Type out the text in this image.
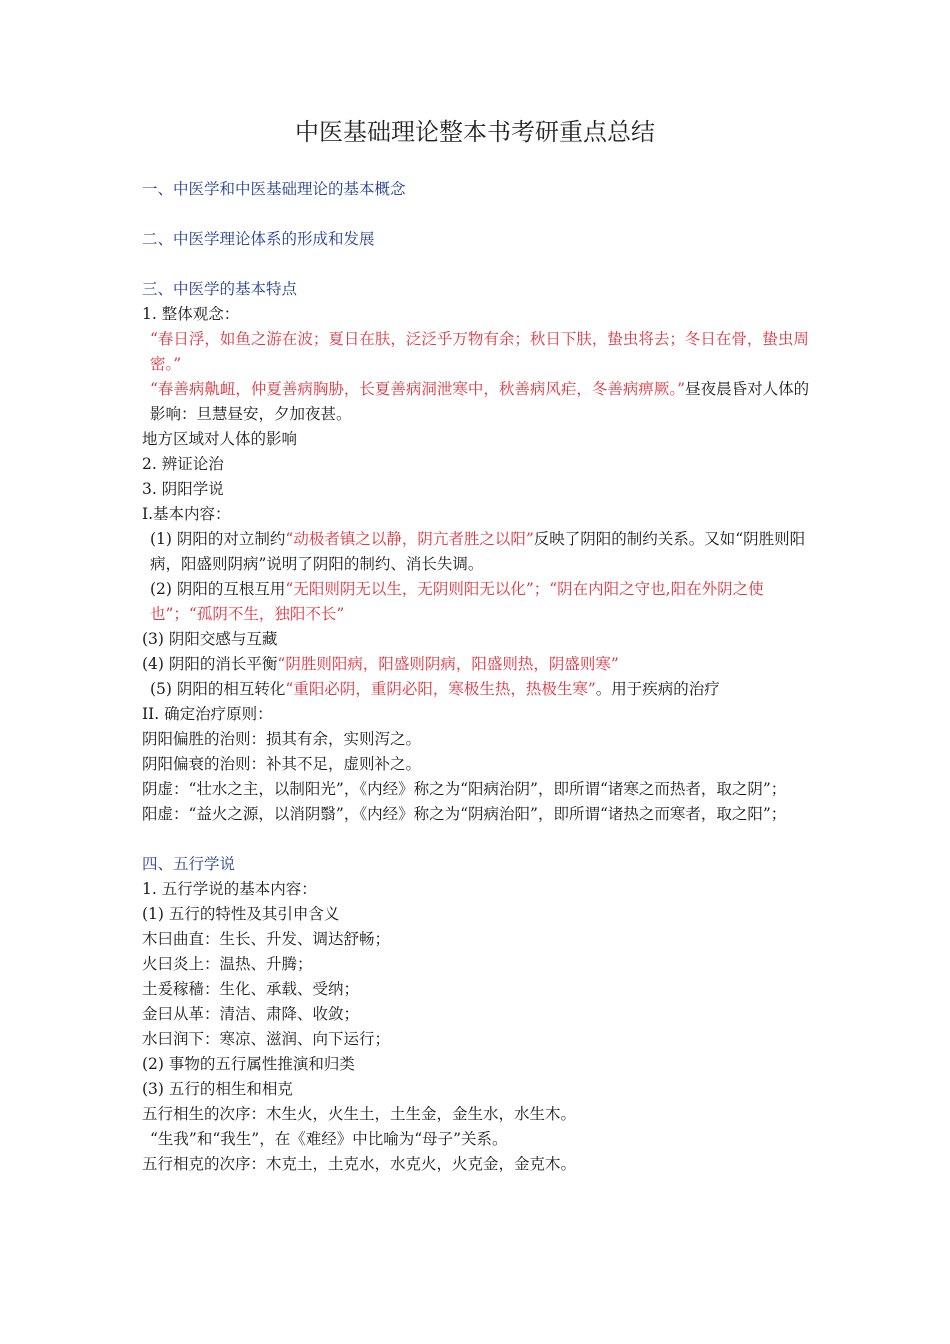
中医基础理论整本书考研重点总结
一、中医学和中医基础理论的基本概念
二、中医学理论体系的形成和发展
三、中医学的基本特点
1. 整体观念：
“春日浮，如鱼之游在波；夏日在肤，泛泛乎万物有余；秋日下肤，蛰虫将去；冬日在骨，蛰虫周密。”
“春善病鼽衄，仲夏善病胸胁，长夏善病洞泄寒中，秋善病风疟，冬善病痹厥。”昼夜晨昏对人体的影响：旦慧昼安，夕加夜甚。
地方区域对人体的影响
2. 辨证论治
3. 阴阳学说
I.基本内容：
(1) 阴阳的对立制约“动极者镇之以静，阴亢者胜之以阳”反映了阴阳的制约关系。又如“阴胜则阳病，阳盛则阴病”说明了阴阳的制约、消长失调。
(2) 阴阳的互根互用“无阳则阴无以生，无阴则阳无以化”；“阴在内阳之守也,阳在外阴之使也”；“孤阴不生，独阳不长”
(3) 阴阳交感与互藏
(4) 阴阳的消长平衡“阴胜则阳病，阳盛则阴病，阳盛则热，阴盛则寒”
(5) 阴阳的相互转化“重阳必阴，重阴必阳，寒极生热，热极生寒”。用于疾病的治疗
II. 确定治疗原则：
阴阳偏胜的治则：损其有余，实则泻之。
阴阳偏衰的治则：补其不足，虚则补之。
阴虚：“壮水之主，以制阳光”，《内经》称之为“阳病治阴”，即所谓“诸寒之而热者，取之阴”；
阳虚：“益火之源，以消阴翳”，《内经》称之为“阴病治阳”，即所谓“诸热之而寒者，取之阳”；
四、五行学说
1. 五行学说的基本内容：
(1) 五行的特性及其引申含义
木曰曲直：生长、升发、调达舒畅；
火曰炎上：温热、升腾；
土爰稼穑：生化、承载、受纳；
金曰从革：清洁、肃降、收敛；
水曰润下：寒凉、滋润、向下运行；
(2) 事物的五行属性推演和归类
(3) 五行的相生和相克
五行相生的次序：木生火，火生土，土生金，金生水，水生木。
“生我”和“我生”，在《难经》中比喻为“母子”关系。
五行相克的次序：木克土，土克水，水克火，火克金，金克木。
